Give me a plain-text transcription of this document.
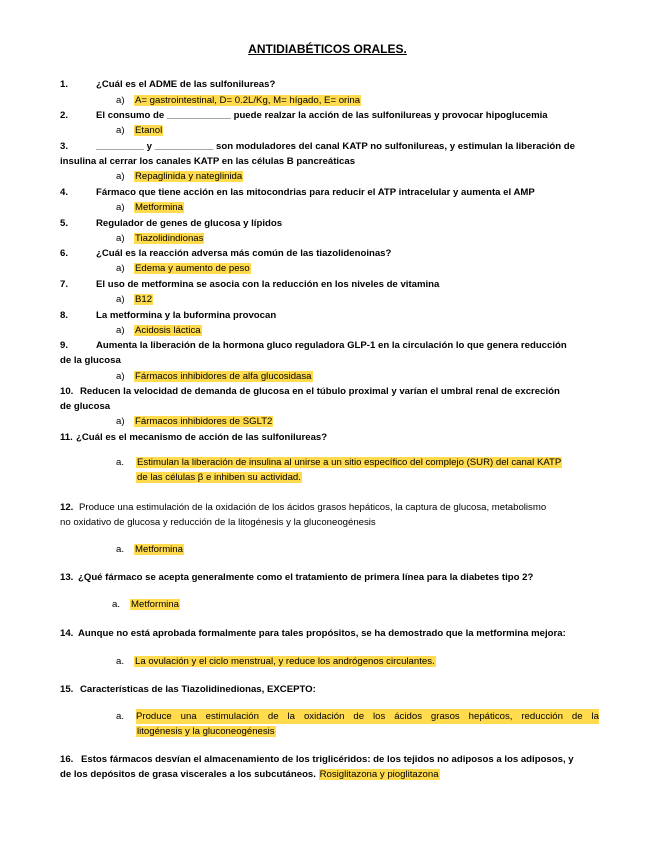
ANTIDIABÉTICOS ORALES.
1.	¿Cuál es el ADME de las sulfonilureas?
a) A= gastrointestinal, D= 0.2L/Kg, M= hígado, E= orina
2.	El consumo de ____________ puede realzar la acción de las sulfonilureas y provocar hipoglucemia
a) Etanol
3.	_________ y ___________ son moduladores del canal KATP no sulfonilureas, y estimulan la liberación de
insulina al cerrar los canales KATP en las células B pancreáticas
a) Repaglinida y nateglinida
4.	Fármaco que tiene acción en las mitocondrias para reducir el ATP intracelular y aumenta el AMP
a) Metformina
5.	Regulador de genes de glucosa y lípidos
a) Tiazolidindionas
6.	¿Cuál es la reacción adversa más común de las tiazolidenoinas?
a) Edema y aumento de peso
7.	El uso de metformina se asocia con la reducción en los niveles de vitamina
a) B12
8.	La metformina y la buformina provocan
a) Acidosis láctica
9.	Aumenta la liberación de la hormona gluco reguladora GLP-1 en la circulación lo que genera reducción
de la glucosa
a) Fármacos inhibidores de alfa glucosidasa
10. Reducen la velocidad de demanda de glucosa en el túbulo proximal y varían el umbral renal de excreción
de glucosa
a) Fármacos inhibidores de SGLT2
11. ¿Cuál es el mecanismo de acción de las sulfonilureas?
a. Estimulan la liberación de insulina al unirse a un sitio específico del complejo (SUR) del canal KATP
de las células β e inhiben su actividad.
12. Produce una estimulación de la oxidación de los ácidos grasos hepáticos, la captura de glucosa, metabolismo
no oxidativo de glucosa y reducción de la litogénesis y la gluconeogénesis
a. Metformina
13. ¿Qué fármaco se acepta generalmente como el tratamiento de primera línea para la diabetes tipo 2?
a. Metformina
14. Aunque no está aprobada formalmente para tales propósitos, se ha demostrado que la metformina mejora:
a. La ovulación y el ciclo menstrual, y reduce los andrógenos circulantes.
15. Características de las Tiazolidinedionas, EXCEPTO:
a. Produce una estimulación de la oxidación de los ácidos grasos hepáticos, reducción de la
litogénesis y la gluconeogénesis
16. Estos fármacos desvían el almacenamiento de los triglicéridos: de los tejidos no adiposos a los adiposos, y
de los depósitos de grasa viscerales a los subcutáneos. Rosiglitazona y pioglitazona
